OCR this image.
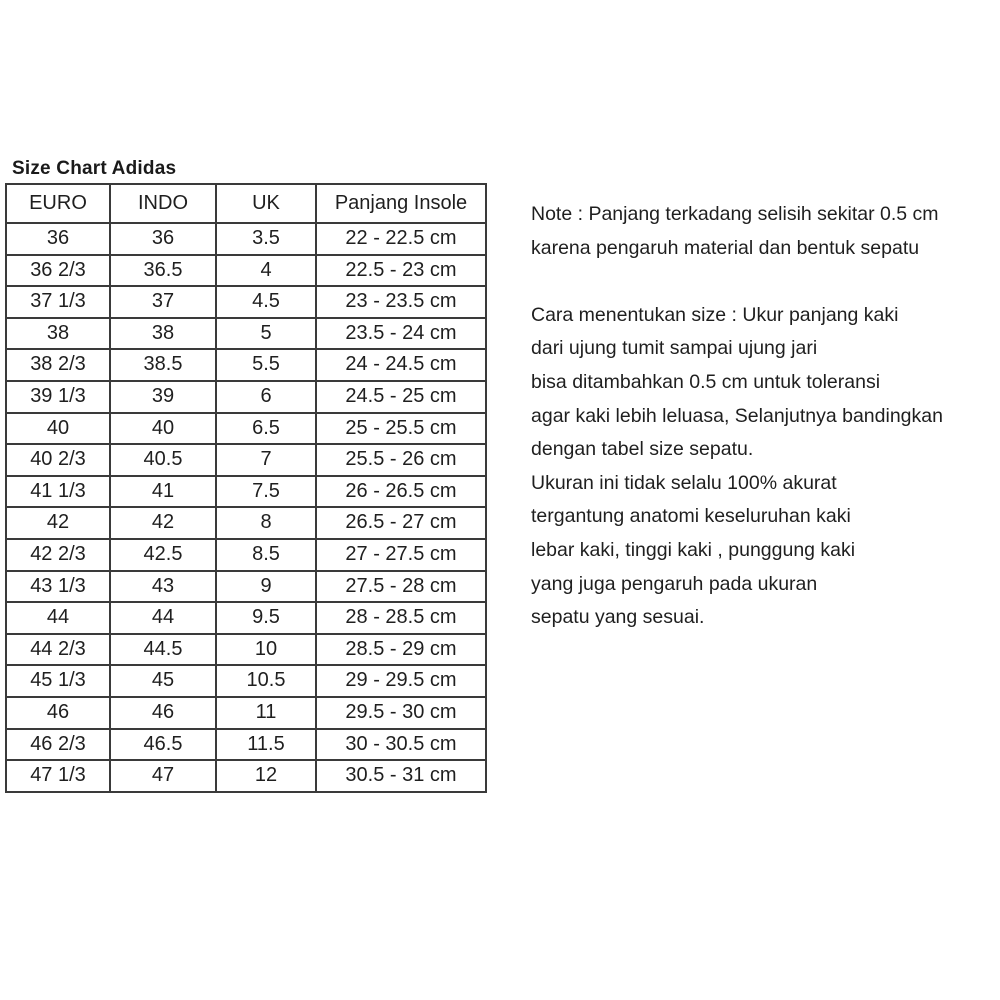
Size Chart Adidas
EURO	INDO	UK	Panjang Insole
36	36	3.5	22 - 22.5 cm
36 2/3	36.5	4	22.5 - 23 cm
37 1/3	37	4.5	23 - 23.5 cm
38	38	5	23.5 - 24 cm
38 2/3	38.5	5.5	24 - 24.5 cm
39 1/3	39	6	24.5 - 25 cm
40	40	6.5	25 - 25.5 cm
40 2/3	40.5	7	25.5 - 26 cm
41 1/3	41	7.5	26 - 26.5 cm
42	42	8	26.5 - 27 cm
42 2/3	42.5	8.5	27 - 27.5 cm
43 1/3	43	9	27.5 - 28 cm
44	44	9.5	28 - 28.5 cm
44 2/3	44.5	10	28.5 - 29 cm
45 1/3	45	10.5	29 - 29.5 cm
46	46	11	29.5 - 30 cm
46 2/3	46.5	11.5	30 - 30.5 cm
47 1/3	47	12	30.5 - 31 cm
Note : Panjang terkadang selisih sekitar 0.5 cm
karena pengaruh material dan bentuk sepatu
Cara menentukan size : Ukur panjang kaki
dari ujung tumit sampai ujung jari
bisa ditambahkan 0.5 cm untuk toleransi
agar kaki lebih leluasa, Selanjutnya bandingkan
dengan tabel size sepatu.
Ukuran ini tidak selalu 100% akurat
tergantung anatomi keseluruhan kaki
lebar kaki, tinggi kaki , punggung kaki
yang juga pengaruh pada ukuran
sepatu yang sesuai.
